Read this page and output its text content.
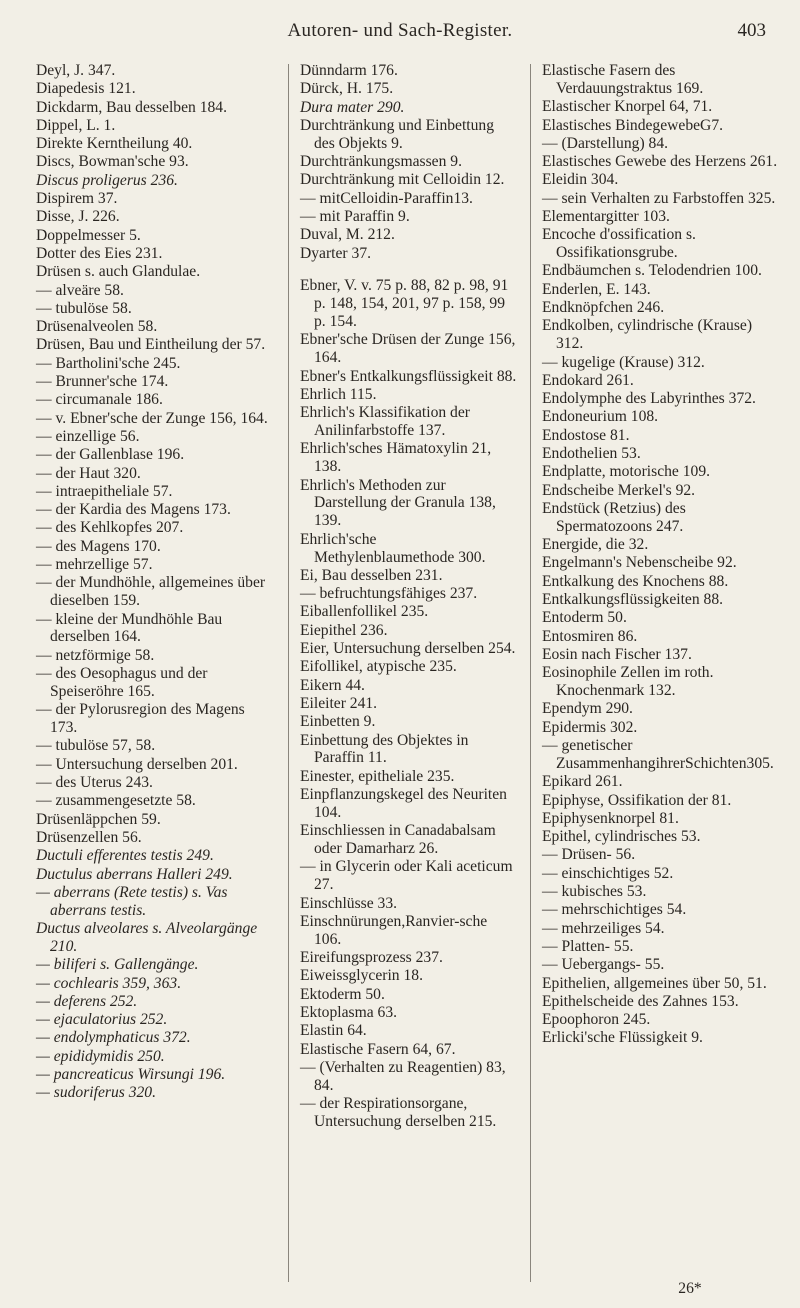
Autoren- und Sach-Register.	403
Deyl, J. 347.
Diapedesis 121.
Dickdarm, Bau desselben 184.
Dippel, L. 1.
Direkte Kerntheilung 40.
Discs, Bowman'sche 93.
Discus proligerus 236.
Dispirem 37.
Disse, J. 226.
Doppelmesser 5.
Dotter des Eies 231.
Drüsen s. auch Glandulae.
— alveäre 58.
— tubulöse 58.
Drüsenalveolen 58.
Drüsen, Bau und Eintheilung der 57.
— Bartholini'sche 245.
— Brunner'sche 174.
— circumanale 186.
— v. Ebner'sche der Zunge 156, 164.
— einzellige 56.
— der Gallenblase 196.
— der Haut 320.
— intraepitheliale 57.
— der Kardia des Magens 173.
— des Kehlkopfes 207.
— des Magens 170.
— mehrzellige 57.
— der Mundhöhle, allgemeines über dieselben 159.
— kleine der Mundhöhle Bau derselben 164.
— netzförmige 58.
— des Oesophagus und der Speiseröhre 165.
— der Pylorusregion des Magens 173.
— tubulöse 57, 58.
— Untersuchung derselben 201.
— des Uterus 243.
— zusammengesetzte 58.
Drüsenläppchen 59.
Drüsenzellen 56.
Ductuli efferentes testis 249.
Ductulus aberrans Halleri 249.
— aberrans (Rete testis) s. Vas aberrans testis.
Ductus alveolares s. Alveolargänge 210.
— biliferi s. Gallengänge.
— cochlearis 359, 363.
— deferens 252.
— ejaculatorius 252.
— endolymphaticus 372.
— epididymidis 250.
— pancreaticus Wirsungi 196.
— sudoriferus 320.
Dünndarm 176.
Dürck, H. 175.
Dura mater 290.
Durchtränkung und Einbettung des Objekts 9.
Durchtränkungsmassen 9.
Durchtränkung mit Celloidin 12.
— mitCelloidin-Paraffin13.
— mit Paraffin 9.
Duval, M. 212.
Dyarter 37.
Ebner, V. v. 75 p. 88, 82 p. 98, 91 p. 148, 154, 201, 97 p. 158, 99 p. 154.
Ebner'sche Drüsen der Zunge 156, 164.
Ebner's Entkalkungsflüssigkeit 88.
Ehrlich 115.
Ehrlich's Klassifikation der Anilinfarbstoffe 137.
Ehrlich'sches Hämatoxylin 21, 138.
Ehrlich's Methoden zur Darstellung der Granula 138, 139.
Ehrlich'sche Methylenblaumethode 300.
Ei, Bau desselben 231.
— befruchtungsfähiges 237.
Eiballenfollikel 235.
Eiepithel 236.
Eier, Untersuchung derselben 254.
Eifollikel, atypische 235.
Eikern 44.
Eileiter 241.
Einbetten 9.
Einbettung des Objektes in Paraffin 11.
Einester, epitheliale 235.
Einpflanzungskegel des Neuriten 104.
Einschliessen in Canadabalsam oder Damarharz 26.
— in Glycerin oder Kali aceticum 27.
Einschlüsse 33.
Einschnürungen,Ranvier-sche 106.
Eireifungsprozess 237.
Eiweissglycerin 18.
Ektoderm 50.
Ektoplasma 63.
Elastin 64.
Elastische Fasern 64, 67.
— (Verhalten zu Reagentien) 83, 84.
— der Respirationsorgane, Untersuchung derselben 215.
Elastische Fasern des Verdauungstraktus 169.
Elastischer Knorpel 64, 71.
Elastisches BindegewebeG7.
— (Darstellung) 84.
Elastisches Gewebe des Herzens 261.
Eleidin 304.
— sein Verhalten zu Farbstoffen 325.
Elementargitter 103.
Encoche d'ossification s. Ossifikationsgrube.
Endbäumchen s. Telodendrien 100.
Enderlen, E. 143.
Endknöpfchen 246.
Endkolben, cylindrische (Krause) 312.
— kugelige (Krause) 312.
Endokard 261.
Endolymphe des Labyrinthes 372.
Endoneurium 108.
Endostose 81.
Endothelien 53.
Endplatte, motorische 109.
Endscheibe Merkel's 92.
Endstück (Retzius) des Spermatozoons 247.
Energide, die 32.
Engelmann's Nebenscheibe 92.
Entkalkung des Knochens 88.
Entkalkungsflüssigkeiten 88.
Entoderm 50.
Entosmiren 86.
Eosin nach Fischer 137.
Eosinophile Zellen im roth. Knochenmark 132.
Ependym 290.
Epidermis 302.
— genetischer ZusammenhangihrerSchichten305.
Epikard 261.
Epiphyse, Ossifikation der 81.
Epiphysenknorpel 81.
Epithel, cylindrisches 53.
— Drüsen- 56.
— einschichtiges 52.
— kubisches 53.
— mehrschichtiges 54.
— mehrzeiliges 54.
— Platten- 55.
— Uebergangs- 55.
Epithelien, allgemeines über 50, 51.
Epithelscheide des Zahnes 153.
Epoophoron 245.
Erlicki'sche Flüssigkeit 9.
26*
